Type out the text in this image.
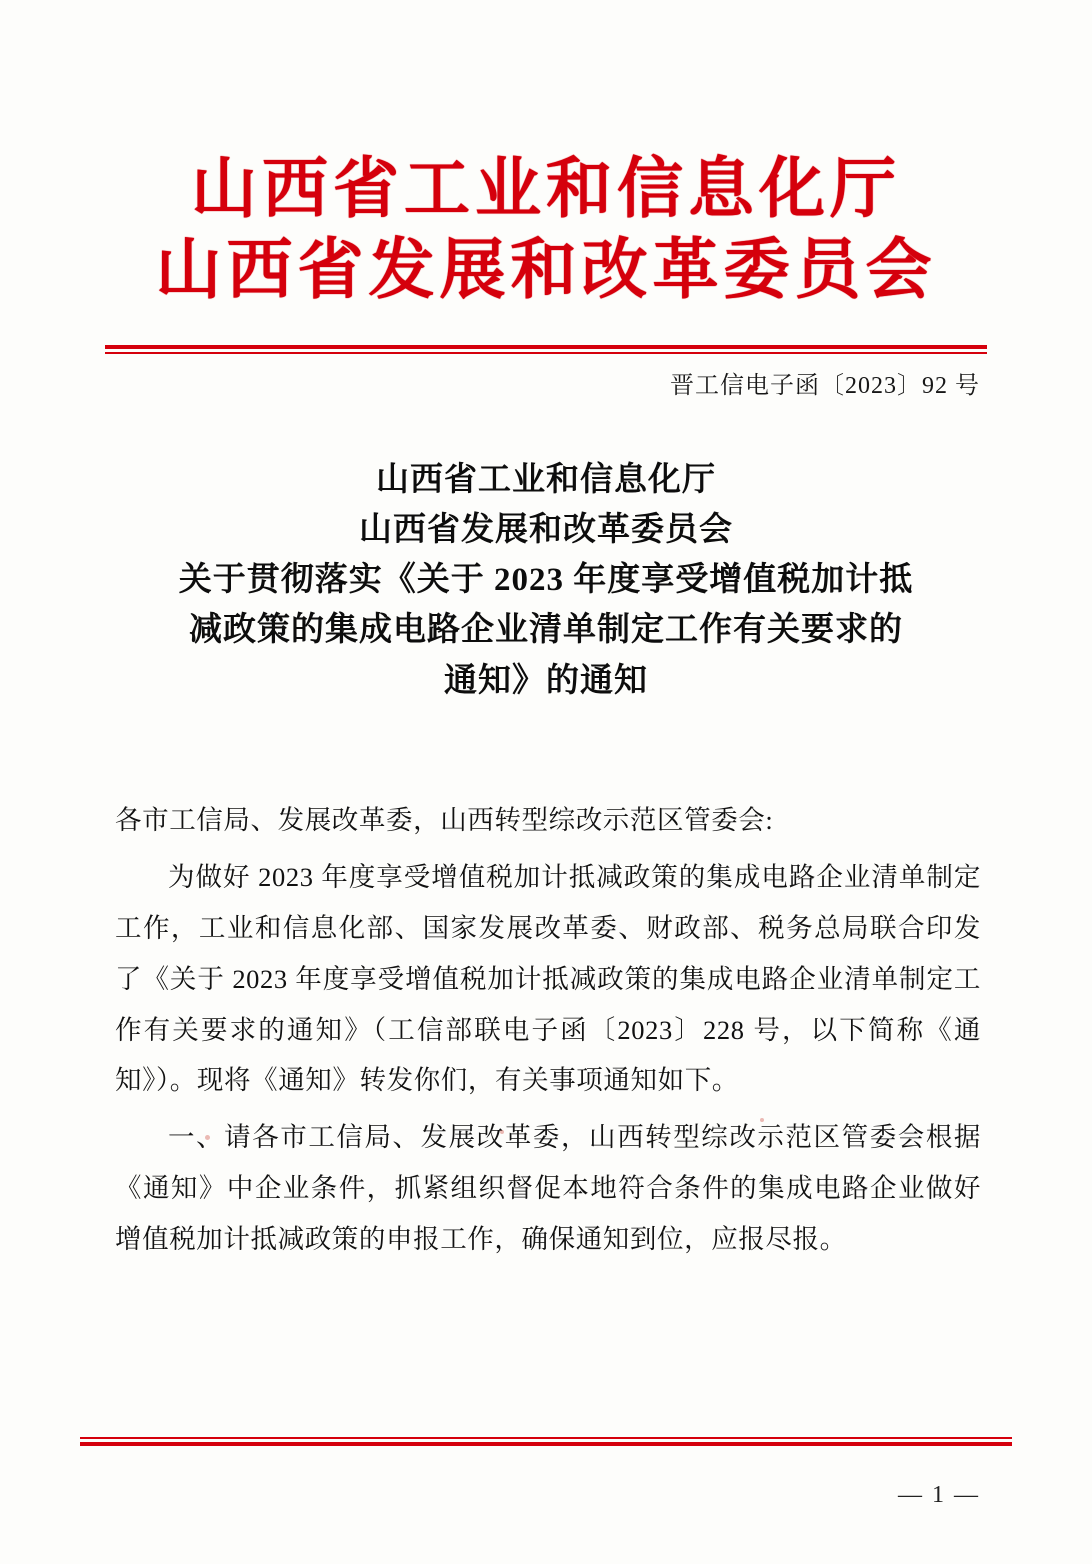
山西省工业和信息化厅
山西省发展和改革委员会
晋工信电子函〔2023〕92 号
山西省工业和信息化厅
山西省发展和改革委员会
关于贯彻落实《关于 2023 年度享受增值税加计抵
减政策的集成电路企业清单制定工作有关要求的
通知》的通知

各市工信局、发展改革委，山西转型综改示范区管委会:

为做好 2023 年度享受增值税加计抵减政策的集成电路企业清单制定工作，工业和信息化部、国家发展改革委、财政部、税务总局联合印发了《关于 2023 年度享受增值税加计抵减政策的集成电路企业清单制定工作有关要求的通知》（工信部联电子函〔2023〕228 号，以下简称《通知》）。现将《通知》转发你们，有关事项通知如下。

一、请各市工信局、发展改革委，山西转型综改示范区管委会根据《通知》中企业条件，抓紧组织督促本地符合条件的集成电路企业做好增值税加计抵减政策的申报工作，确保通知到位，应报尽报。

— 1 —
